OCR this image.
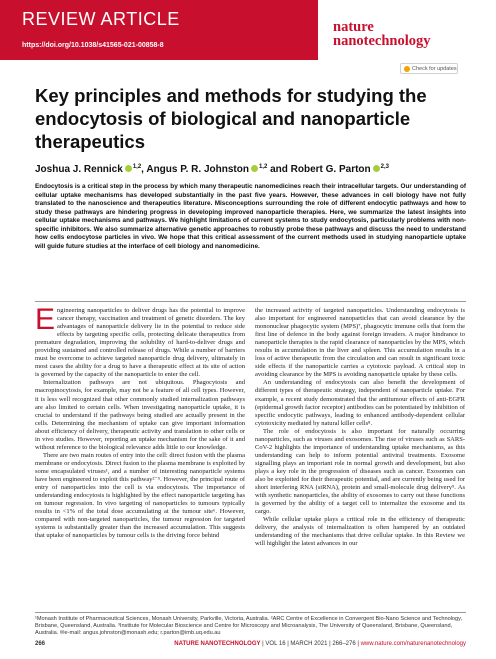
REVIEW ARTICLE
https://doi.org/10.1038/s41565-021-00858-8
nature
nanotechnology
Check for updates
Key principles and methods for studying the endocytosis of biological and nanoparticle therapeutics
Joshua J. Rennick $^{1,2}$, Angus P. R. Johnston $^{1,2}$ and Robert G. Parton $^{2,3}$
Endocytosis is a critical step in the process by which many therapeutic nanomedicines reach their intracellular targets. Our understanding of cellular uptake mechanisms has developed substantially in the past five years. However, these advances in cell biology have not fully translated to the nanoscience and therapeutics literature. Misconceptions surrounding the role of different endocytic pathways and how to study these pathways are hindering progress in developing improved nanoparticle therapies. Here, we summarize the latest insights into cellular uptake mechanisms and pathways. We highlight limitations of current systems to study endocytosis, particularly problems with non-specific inhibitors. We also summarize alternative genetic approaches to robustly probe these pathways and discuss the need to understand how cells endocytose particles in vivo. We hope that this critical assessment of the current methods used in studying nanoparticle uptake will guide future studies at the interface of cell biology and nanomedicine.

Engineering nanoparticles to deliver drugs has the potential to improve cancer therapy, vaccination and treatment of genetic disorders. The key advantages of nanoparticle delivery lie in the potential to reduce side effects by targeting specific cells, protecting delicate therapeutics from premature degradation, improving the solubility of hard-to-deliver drugs and providing sustained and controlled release of drugs. While a number of barriers must be overcome to achieve targeted nanoparticle drug delivery, ultimately in most cases the ability for a drug to have a therapeutic effect at its site of action is governed by the capacity of the nanoparticle to enter the cell.

Internalization pathways are not ubiquitous. Phagocytosis and macropinocytosis, for example, may not be a feature of all cell types. However, it is less well recognized that other commonly studied internalization pathways are also limited to certain cells. When investigating nanoparticle uptake, it is crucial to understand if the pathways being studied are actually present in the cells. Determining the mechanism of uptake can give important information about efficiency of delivery, therapeutic activity and translation to other cells or in vivo studies. However, reporting an uptake mechanism for the sake of it and without reference to the biological relevance adds little to our knowledge.

There are two main routes of entry into the cell: direct fusion with the plasma membrane or endocytosis. Direct fusion to the plasma membrane is exploited by some encapsulated viruses¹, and a number of interesting nanoparticle systems have been engineered to exploit this pathway²⁻⁵. However, the principal route of entry of nanoparticles into the cell is via endocytosis. The importance of understanding endocytosis is highlighted by the effect nanoparticle targeting has on tumour regression. In vivo targeting of nanoparticles to tumours typically results in <1% of the total dose accumulating at the tumour site⁶. However, compared with non-targeted nanoparticles, the tumour regression for targeted systems is substantially greater than the increased accumulation. This suggests that uptake of nanoparticles by tumour cells is the driving force behind

the increased activity of targeted nanoparticles. Understanding endocytosis is also important for engineered nanoparticles that can avoid clearance by the mononuclear phagocytic system (MPS)⁷, phagocytic immune cells that form the first line of defence in the body against foreign invaders. A major hindrance to nanoparticle therapies is the rapid clearance of nanoparticles by the MPS, which results in accumulation in the liver and spleen. This accumulation results in a loss of active therapeutic from the circulation and can result in significant toxic side effects if the nanoparticle carries a cytotoxic payload. A critical step in avoiding clearance by the MPS is avoiding nanoparticle uptake by these cells.

An understanding of endocytosis can also benefit the development of different types of therapeutic strategy, independent of nanoparticle uptake. For example, a recent study demonstrated that the antitumour effects of anti-EGFR (epidermal growth factor receptor) antibodies can be potentiated by inhibition of specific endocytic pathways, leading to enhanced antibody-dependent cellular cytotoxicity mediated by natural killer cells⁸.

The role of endocytosis is also important for naturally occurring nanoparticles, such as viruses and exosomes. The rise of viruses such as SARS-CoV-2 highlights the importance of understanding uptake mechanisms, as this understanding can help to inform potential antiviral treatments. Exosome signalling plays an important role in normal growth and development, but also plays a key role in the progression of diseases such as cancer. Exosomes can also be exploited for their therapeutic potential, and are currently being used for short interfering RNA (siRNA), protein and small-molecule drug delivery⁹. As with synthetic nanoparticles, the ability of exosomes to carry out these functions is governed by the ability of a target cell to internalize the exosome and its cargo.

While cellular uptake plays a critical role in the efficiency of therapeutic delivery, the analysis of internalization is often hampered by an outdated understanding of the mechanisms that drive cellular uptake. In this Review we will highlight the latest advances in our

¹Monash Institute of Pharmaceutical Sciences, Monash University, Parkville, Victoria, Australia. ²ARC Centre of Excellence in Convergent Bio-Nano Science and Technology, Brisbane, Queensland, Australia. ³Institute for Molecular Bioscience and Centre for Microscopy and Microanalysis, The University of Queensland, Brisbane, Queensland, Australia. ✉e-mail: angus.johnston@monash.edu; r.parton@imb.uq.edu.au
266	NATURE NANOTECHNOLOGY | VOL 16 | MARCH 2021 | 266–276 | www.nature.com/naturenanotechnology
